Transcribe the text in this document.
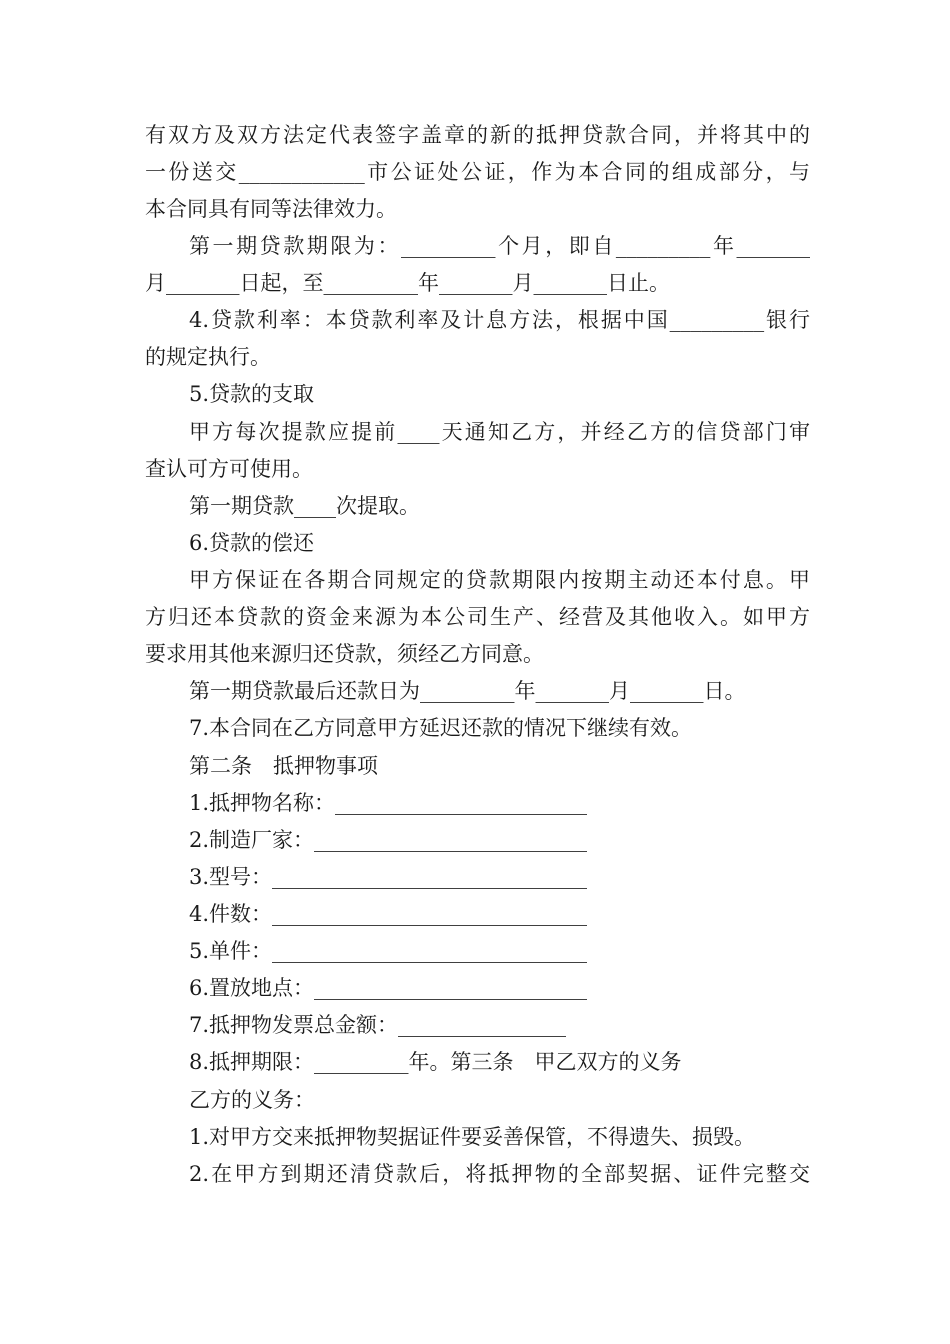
有双方及双方法定代表签字盖章的新的抵押贷款合同，并将其中的
一份送交____________市公证处公证，作为本合同的组成部分，与
本合同具有同等法律效力。
第一期贷款期限为：_________个月，即自_________年_______
月_______日起，至_________年_______月_______日止。
4.贷款利率：本贷款利率及计息方法，根据中国_________银行
的规定执行。
5.贷款的支取
甲方每次提款应提前____天通知乙方，并经乙方的信贷部门审
查认可方可使用。
第一期贷款____次提取。
6.贷款的偿还
甲方保证在各期合同规定的贷款期限内按期主动还本付息。甲
方归还本贷款的资金来源为本公司生产、经营及其他收入。如甲方
要求用其他来源归还贷款，须经乙方同意。
第一期贷款最后还款日为_________年_______月_______日。
7.本合同在乙方同意甲方延迟还款的情况下继续有效。
第二条　抵押物事项
1.抵押物名称：________________________
2.制造厂家：__________________________
3.型号：______________________________
4.件数：______________________________
5.单件：______________________________
6.置放地点：__________________________
7.抵押物发票总金额：________________
8.抵押期限：_________年。第三条　甲乙双方的义务
乙方的义务：
1.对甲方交来抵押物契据证件要妥善保管，不得遗失、损毁。
2.在甲方到期还清贷款后，将抵押物的全部契据、证件完整交
